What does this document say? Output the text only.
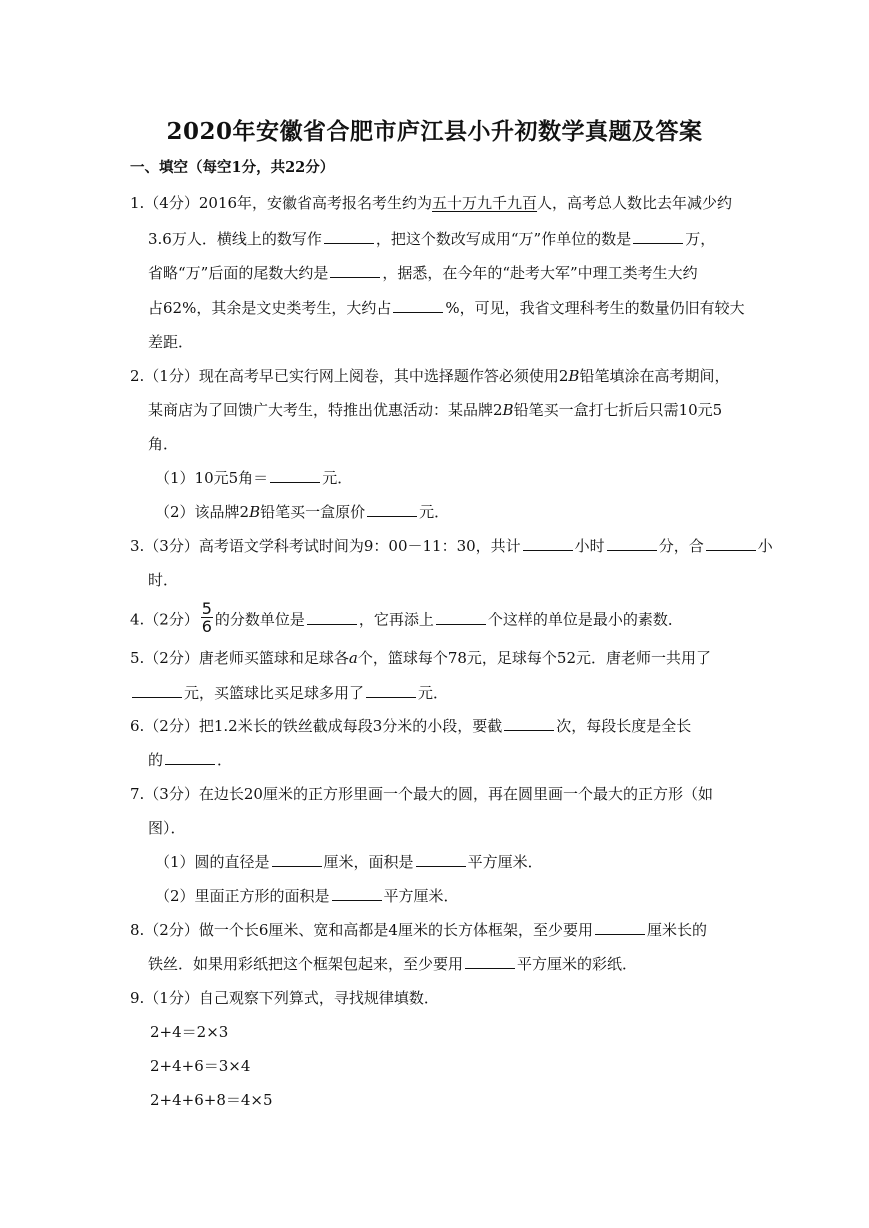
2020年安徽省合肥市庐江县小升初数学真题及答案
一、填空（每空1分，共22分）
1.（4分）2016年，安徽省高考报名考生约为五十万九千九百人，高考总人数比去年减少约
3.6万人．横线上的数写作	，把这个数改写成用“万”作单位的数是	万，
省略“万”后面的尾数大约是	，据悉，在今年的“赴考大军”中理工类考生大约
占62%，其余是文史类考生，大约占	%，可见，我省文理科考生的数量仍旧有较大
差距．
2.（1分）现在高考早已实行网上阅卷，其中选择题作答必须使用2B铅笔填涂在高考期间，
某商店为了回馈广大考生，特推出优惠活动：某品牌2B铅笔买一盒打七折后只需10元5
角．
（1）10元5角＝	元．
（2）该品牌2B铅笔买一盒原价	元．
3.（3分）高考语文学科考试时间为9：00－11：30，共计	小时	分，合	小
时．
4.（2分） $\frac{5}{6}$ 的分数单位是	，它再添上	个这样的单位是最小的素数．
5.（2分）唐老师买篮球和足球各a个，篮球每个78元，足球每个52元．唐老师一共用了
元，买篮球比买足球多用了	元．
6.（2分）把1.2米长的铁丝截成每段3分米的小段，要截	次，每段长度是全长
的	．
7.（3分）在边长20厘米的正方形里画一个最大的圆，再在圆里画一个最大的正方形（如
图）．
（1）圆的直径是	厘米，面积是	平方厘米．
（2）里面正方形的面积是	平方厘米．
8.（2分）做一个长6厘米、宽和高都是4厘米的长方体框架，至少要用	厘米长的
铁丝．如果用彩纸把这个框架包起来，至少要用	平方厘米的彩纸．
9.（1分）自己观察下列算式，寻找规律填数．
2+4＝2×3
2+4+6＝3×4
2+4+6+8＝4×5
